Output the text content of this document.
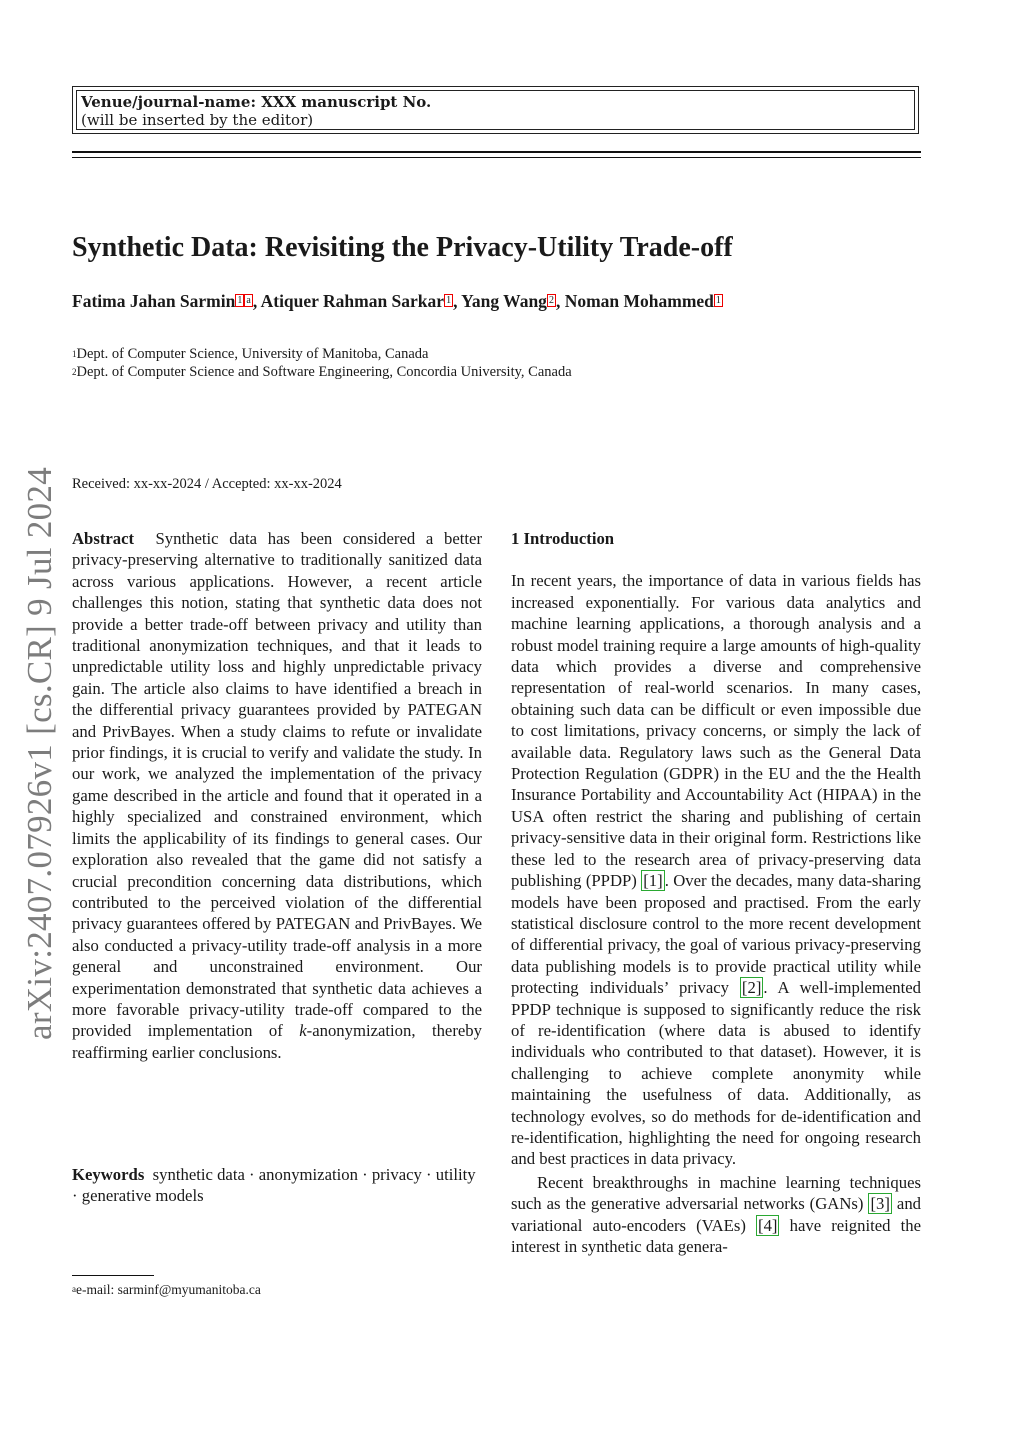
Venue/journal-name: XXX manuscript No.
(will be inserted by the editor)
Synthetic Data: Revisiting the Privacy-Utility Trade-off
Fatima Jahan Sarmin $^{1 a}$ , Atiquer Rahman Sarkar $^1$ , Yang Wang $^2$ , Noman Mohammed $^1$
$^1$Dept. of Computer Science, University of Manitoba, Canada
$^2$Dept. of Computer Science and Software Engineering, Concordia University, Canada
Received: xx-xx-2024 / Accepted: xx-xx-2024
arXiv:2407.07926v1 [cs.CR] 9 Jul 2024 Abstract Synthetic data has been considered a better privacy-preserving alternative to traditionally sanitized data across various applications. However, a recent article challenges this notion, stating that synthetic data does not provide a better trade-off between privacy and utility than traditional anonymization techniques, and that it leads to unpredictable utility loss and highly unpredictable privacy gain. The article also claims to have identified a breach in the differential privacy guarantees provided by PATEGAN and PrivBayes. When a study claims to refute or invalidate prior findings, it is crucial to verify and validate the study. In our work, we analyzed the implementation of the privacy game described in the article and found that it operated in a highly specialized and constrained environment, which limits the applicability of its findings to general cases. Our exploration also revealed that the game did not satisfy a crucial precondition concerning data distributions, which contributed to the perceived violation of the differential privacy guarantees offered by PATEGAN and PrivBayes. We also conducted a privacy-utility trade-off analysis in a more general and unconstrained environment. Our experimentation demonstrated that synthetic data achieves a more favorable privacy-utility trade-off compared to the provided implementation of k-anonymization, thereby reaffirming earlier conclusions.
Keywords synthetic data · anonymization · privacy · utility · generative models
$^a$e-mail: sarminf@myumanitoba.ca
1 Introduction
In recent years, the importance of data in various fields has increased exponentially. For various data analytics and machine learning applications, a thorough analysis and a robust model training require a large amounts of high-quality data which provides a diverse and comprehensive representation of real-world scenarios. In many cases, obtaining such data can be difficult or even impossible due to cost limitations, privacy concerns, or simply the lack of available data. Regulatory laws such as the General Data Protection Regulation (GDPR) in the EU and the the Health Insurance Portability and Accountability Act (HIPAA) in the USA often restrict the sharing and publishing of certain privacy-sensitive data in their original form. Restrictions like these led to the research area of privacy-preserving data publishing (PPDP) [1] . Over the decades, many data-sharing models have been proposed and practised. From the early statistical disclosure control to the more recent development of differential privacy, the goal of various privacy-preserving data publishing models is to provide practical utility while protecting individuals’ privacy [2] . A well-implemented PPDP technique is supposed to significantly reduce the risk of re-identification (where data is abused to identify individuals who contributed to that dataset). However, it is challenging to achieve complete anonymity while maintaining the usefulness of data. Additionally, as technology evolves, so do methods for de-identification and re-identification, highlighting the need for ongoing research and best practices in data privacy.
Recent breakthroughs in machine learning techniques such as the generative adversarial networks (GANs) [3] and variational auto-encoders (VAEs) [4] have reignited the interest in synthetic data genera-
